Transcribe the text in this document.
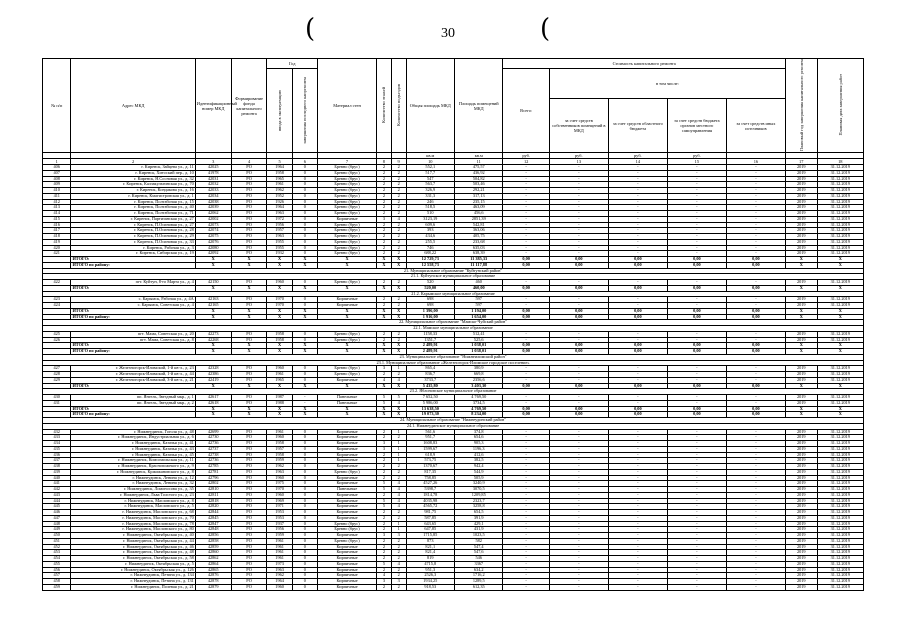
(	30	(
№ п/п	Адрес МКД	Идентификационный номер МКД	Формирование фонда капитального ремонта	Год		Материал стен	Количество этажей	Количество подъездов	Общая площадь МКД	Площадь помещений МКД	Стоимость капитального ремонта					Плановый год завершения капитального ремонта	Плановая дата завершения работ
				ввода в эксплуатацию	завершения последнего капремонта						Всего:	в том числе:					
												за счет средств собственников помещений в МКД	за счет средств областного бюджета	за счет средств бюджета органов местного самоуправления	за счет средств иных источников		
									кв.м	кв.м	руб.	руб.	руб.	руб.			
1	2	3	4	5	6	7	8	9	10	11	12	13	14	15	16	17	18
406	г. Киренск, Зайцева ул., д. 11	42025	РО	1964	0	Бревно (брус)	2	2	552,1	475,57	-	-	-	-	-	2019	31.12.2019
407	г. Киренск, Хитоский пер., д. 10	41978	РО	1958	0	Бревно (брус)	2	2	517,7	436,92	-	-	-	-	-	2019	31.12.2019
408	г. Киренск, Н.Сосновая ул., д. 32	42031	РО	1965	0	Бревно (брус)	2	2	547	504,82	-	-	-	-	-	2019	31.12.2019
409	г. Киренск, Калзакультинская ул., д. 70	42032	РО	1961	0	Бревно (брус)	2	2	563,7	503,46	-	-	-	-	-	2019	31.12.2019
410	г. Киренск, Кондакова ул., д. 16	42033	РО	1962	0	Бревно (брус)	2	2	326,9	292,21	-	-	-	-	-	2019	31.12.2019
411	г. Киренск, Кмагистровская ул., д. 1	42034	РО	1952	0	Бревно (брус)	2	2	331,3	317,13	-	-	-	-	-	2019	31.12.2019
412	г. Киренск, Полтабочая ул., д. 15	42038	РО	1926	0	Бревно (брус)	2	2	246	235,15	-	-	-	-	-	2019	31.12.2019
413	г. Киренск, Полтабочая ул., д. 40	42039	РО	1964	0	Бревно (брус)	2	2	518,5	463,09	-	-	-	-	-	2019	31.12.2019
414	г. Киренск, Полтабочая ул., д. 71	42062	РО	1963	0	Бревно (брус)	2	2	510	456,6	-	-	-	-	-	2019	31.12.2019
415	г. Киренск, Партизанская ул., д. 27	42002	РО	1972	0	Кирпичные	3	4	3123,19	2851,39	-	-	-	-	-	2019	31.12.2019
416	г. Киренск, П.Осиновая ул., д. 27	42073	РО	1956	0	Бревно (брус)	2	2	609,6	542,81	-	-	-	-	-	2019	31.12.2019
417	г. Киренск, П.Осиновая ул., д. 28	42074	РО	1957	0	Бревно (брус)	2	2	393	363,06	-	-	-	-	-	2019	31.12.2019
418	г. Киренск, П.Осиновая ул., д. 29	42075	РО	1963	0	Бревно (брус)	2	2	434,6	405,75	-	-	-	-	-	2019	31.12.2019
419	г. Киренск, П.Осиновая ул., д. 33	42076	РО	1955	0	Бревно (брус)	2	2	255,5	233,68	-	-	-	-	-	2019	31.12.2019
420	г. Киренск, Рабочая ул., д. 3	42080	РО	1955	0	Бревно (брус)	2	2	746	635,03	-	-	-	-	-	2019	31.12.2019
421	г. Киренск, Сибирская ул., д. 19	42092	РО	1932	0	Бревно (брус)	2	2	688,22	638,39	-	-	-	-	-	2019	31.12.2019
	ИТОГО:	X	X	X	X	X	X	X	12 729,73	11 385,33	0,00	0,00	0,00	0,00	0,00	X	X
	ИТОГО по району:	X	X	X	X	X	X	X	12 558,73	11 117,88	0,00	0,00	0,00	0,00	0,00	X	X
21. Муниципальное образование "Куйтунский район"																	
21.1. Куйтунское муниципальное образование																	
422	пгт. Куйтун, 8-го Марта ул., д. 4	42150	РО	1960	0	Бревно (брус)	2	2	520	460	-	-	-	-	-	2019	31.12.2019
	ИТОГО:	X	X	X	X	X	X	X	520,00	460,00	0,00	0,00	0,00	0,00	0,00	X	X
21.2. Карымское муниципальное образование																	
423	с. Карымск, Рабочая ул., д. 4А	42163	РО	1970	0	Кирпичные	2	2	698	597	-	-	-	-	-	2019	31.12.2019
424	с. Карымск, Советская ул., д. 4	42165	РО	1970	0	Кирпичные	2	2	698	597	-	-	-	-	-	2019	31.12.2019
	ИТОГО:	X	X	X	X	X	X	X	1 396,00	1 194,00	0,00	0,00	0,00	0,00	0,00	X	X
	ИТОГО по району:	X	X	X	X	X	X	X	1 916,00	1 654,00	0,00	0,00	0,00	0,00	0,00	X	X
22. Муниципальное образование "Мамско-Чуйский район"																	
22.1. Мамское муниципальное образование																	
425	пгт. Мама, Советская ул., д. 20	42273	РО	1958	0	Бревно (брус)	2	2	1158,33	512,41	-	-	-	-	-	2019	31.12.2019
426	пгт. Мама, Советская ул., д. 8	42268	РО	1958	0	Бревно (брус)	2	2	1351,7	525,6	-	-	-	-	-	2019	31.12.2019
	ИТОГО:	X	X	X	X	X	X	X	2 489,91	1 038,01	0,00	0,00	0,00	0,00	0,00	X	X
	ИТОГО по району:	X	X	X	X	X	X	X	2 489,91	1 038,01	0,00	0,00	0,00	0,00	0,00	X	X
23. Муниципальное образование "Нижнеилимский район"																	
23.1. Муниципальное образование «Железногорск-Илимское городское поселение»																	
427	г. Железногорск-Илимский, 1-й кв-л., д. 23	42328	РО	1960	0	Бревно (брус)	3	1	865,4	380,9	-	-	-	-	-	2019	31.12.2019
428	г. Железногорск-Илимский, 1-й кв-л., д. 44	42386	РО	1961	0	Бревно (брус)	2	2	836,7	669,8	-	-	-	-	-	2019	31.12.2019
429	г. Железногорск-Илимский, 3-й кв-л., д. 21	42419	РО	1965	0	Кирпичные	4	4	3733,7	2356,6	-	-	-	-	-	2019	31.12.2019
	ИТОГО:	X	X	X	X	X	X	X	5 435,80	3 403,30	0,00	0,00	0,00	0,00	0,00	X	X
23.2. Яблоновское муниципальное образование																	
430	пп. Янгель, Звездный мкр., д. 1	42617	РО	1987	-	Панельные	5	5	7 652,50	4 769,50	-	-	-	-	-	2019	31.12.2019
431	пп. Янгель, Звездный мкр., д. 2	42618	РО	1988	-	Панельные	5	4	5 986,00	3734,5	-	-	-	-	-	2019	31.12.2019
	ИТОГО:	X	X	X	X	X	X	X	13 638,50	4 769,50	0,00	0,00	0,00	0,00	0,00	X	X
	ИТОГО по району:	X	X	X	X	X	X	X	19 073,30	8 234,00	0,00	0,00	0,00	0,00	0,00	X	X
24. Муниципальное образование "Нижнеудинский район"																	
24.1. Нижнеудинское муниципальное образование																	
432	г. Нижнеудинск, Гоголя ул., д. 48	42699	РО	1961	0	Кирпичные	2	1	561,6	374,8	-	-	-	-	-	2019	31.12.2019
433	г. Нижнеудинск, Индустриальная ул., д. 6	42730	РО	1960	0	Кирпичные	2	2	951,7	654,6	-	-	-	-	-	2019	31.12.2019
434	г. Нижнеудинск, Казачья ул., д. 41	42736	РО	1958	0	Кирпичные	3	1	1608,83	905,3	-	-	-	-	-	2019	31.12.2019
435	г. Нижнеудинск, Казачья ул., д. 43	42737	РО	1957	0	Кирпичные	3	1	1599,67	1196,3	-	-	-	-	-	2019	31.12.2019
436	г. Нижнеудинск, Казачья ул., д. 45	42738	РО	1958	0	Кирпичные	2	1	618,9	412,6	-	-	-	-	-	2019	31.12.2019
437	г. Нижнеудинск, Комсомольская ул., д. 11	42736	РО	1959	0	Кирпичные	2	1	573,75	382,5	-	-	-	-	-	2019	31.12.2019
438	г. Нижнеудинск, Краснопожекого ул., д. 9	42785	РО	1962	0	Кирпичные	2	2	1370,67	942,4	-	-	-	-	-	2019	31.12.2019
439	г. Нижнеудинск, Кржижановского ул., д. 8	42781	РО	1963	0	Бревно (брус)	2	2	817,35	544,9	-	-	-	-	-	2019	31.12.2019
440	г. Нижнеудинск, Ленина ул., д. 12	42796	РО	1960	0	Кирпичные	2	2	758,85	505,9	-	-	-	-	-	2019	31.12.2019
441	г. Нижнеудинск, Ленина ул., д. 32	42802	РО	1975	0	Кирпичные	5	4	4527,26	3240,9	-	-	-	-	-	2019	31.12.2019
442	г. Нижнеудинск, Ломоносова ул., д. 35	42810	РО	1970	0	Панельные	5	4	5398,7	3070,5	-	-	-	-	-	2019	31.12.2019
443	г. Нижнеудинск, Льва Толстого ул., д. 23	42811	РО	1960	0	Кирпичные	2	4	1814,78	1209,85	-	-	-	-	-	2019	31.12.2019
444	г. Нижнеудинск, Масловского ул., д. 8	42818	РО	1969	0	Кирпичные	5	4	4035,98	2323,7	-	-	-	-	-	2019	31.12.2019
445	г. Нижнеудинск, Масловского ул., д. 5	42820	РО	1971	0	Кирпичные	5	4	4565,72	3258,8	-	-	-	-	-	2019	31.12.2019
446	г. Нижнеудинск, Масловского ул., д. 68	42844	РО	1953	0	Кирпичные	2	2	981,75	654,5	-	-	-	-	-	2019	31.12.2019
447	г. Нижнеудинск, Масловского ул., д. 70	42845	РО	1953	0	Кирпичные	2	2	587,85	391,9	-	-	-	-	-	2019	31.12.2019
448	г. Нижнеудинск, Масловского ул., д. 78	42847	РО	1937	0	Бревно (брус)	2	1	643,65	429,1	-	-	-	-	-	2019	31.12.2019
449	г. Нижнеудинск, Масловского ул., д. 80	42848	РО	1956	0	Бревно (брус)	2	1	647,85	431,9	-	-	-	-	-	2019	31.12.2019
450	г. Нижнеудинск, Октябрьская ул., д. 40	42856	РО	1959	0	Кирпичные	3	3	1715,85	1023,5	-	-	-	-	-	2019	31.12.2019
451	г. Нижнеудинск, Октябрьская ул., д. 44	42858	РО	1961	0	Бревно (брус)	2	2	873	582	-	-	-	-	-	2019	31.12.2019
452	г. Нижнеудинск, Октябрьская ул., д. 46	42859	РО	1961	0	Кирпичные	2	2	821,1	547,4	-	-	-	-	-	2019	31.12.2019
453	г. Нижнеудинск, Октябрьская ул., д. 48	42860	РО	1961	0	Кирпичные	2	2	821,4	547,6	-	-	-	-	-	2019	31.12.2019
454	г. Нижнеудинск, Октябрьская ул., д. 58	42862	РО	1961	0	Кирпичные	2	2	819	546	-	-	-	-	-	2019	31.12.2019
455	г. Нижнеудинск, Октябрьская ул., д. 5	42864	РО	1973	0	Кирпичные	5	4	4715,8	3367	-	-	-	-	-	2019	31.12.2019
456	г. Нижнеудинск, Октябрьская ул., д. 126	42865	РО	1963	0	Кирпичные	2	2	951,3	634,2	-	-	-	-	-	2019	31.12.2019
457	г. Нижнеудинск, Петина ул., д. 134	42876	РО	1962	0	Кирпичные	4	2	2526,3	1716,2	-	-	-	-	-	2019	31.12.2019
458	г. Нижнеудинск, Петина ул., д. 131	42878	РО	1964	0	Кирпичные	3	3	1934,25	1289,5	-	-	-	-	-	2019	31.12.2019
459	г. Нижнеудинск, Полевая ул., д. 21	42879	РО	1960	0	Кирпичные	2	2	918,53	612,35	-	-	-	-	-	2019	31.12.2019
